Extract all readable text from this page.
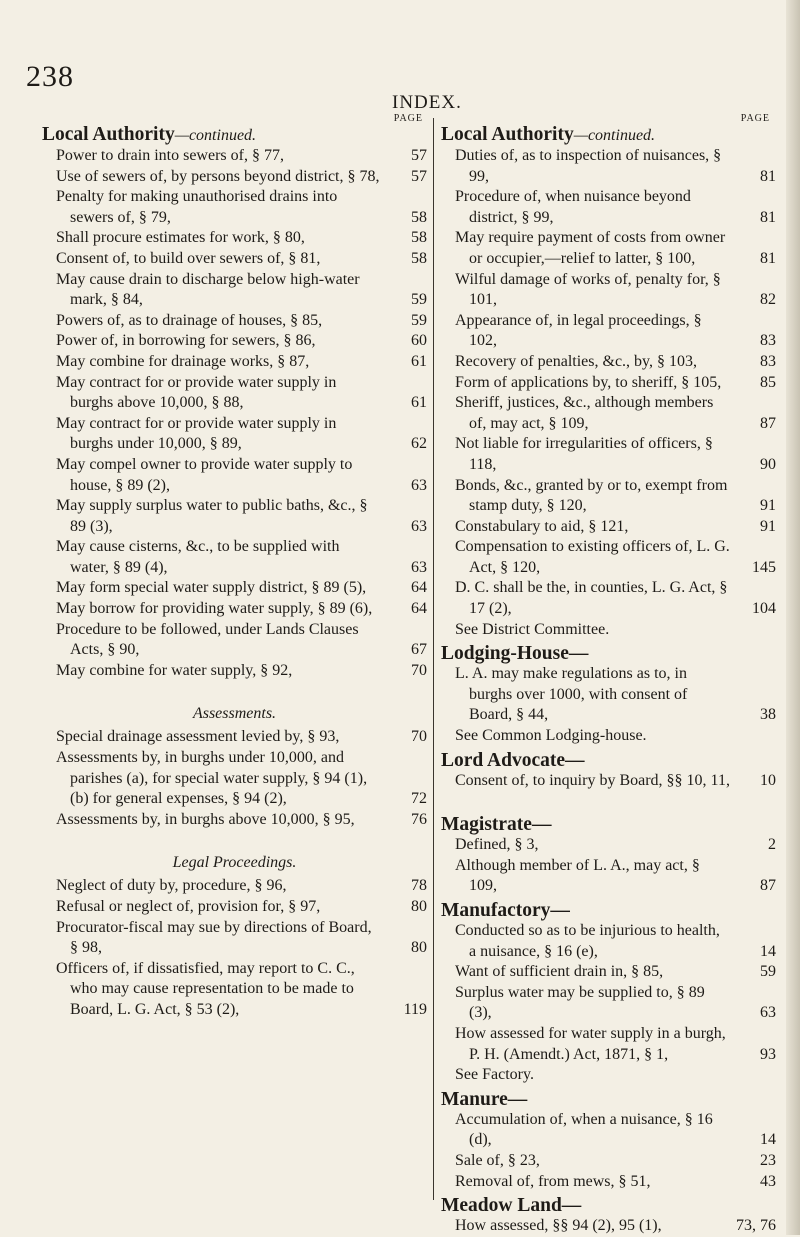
238
INDEX.
PAGE
Local Authority—continued.
Power to drain into sewers of, § 77,	57
Use of sewers of, by persons beyond district, § 78,	57
Penalty for making unauthorised drains into sewers of, § 79,	58
Shall procure estimates for work, § 80,	58
Consent of, to build over sewers of, § 81,	58
May cause drain to discharge below high-water mark, § 84,	59
Powers of, as to drainage of houses, § 85,	59
Power of, in borrowing for sewers, § 86,	60
May combine for drainage works, § 87,	61
May contract for or provide water supply in burghs above 10,000, § 88,	61
May contract for or provide water supply in burghs under 10,000, § 89,	62
May compel owner to provide water supply to house, § 89 (2),	63
May supply surplus water to public baths, &c., § 89 (3),	63
May cause cisterns, &c., to be supplied with water, § 89 (4),	63
May form special water supply district, § 89 (5),	64
May borrow for providing water supply, § 89 (6),	64
Procedure to be followed, under Lands Clauses Acts, § 90,	67
May combine for water supply, § 92,	70
Assessments.
Special drainage assessment levied by, § 93,	70
Assessments by, in burghs under 10,000, and parishes (a), for special water supply, § 94 (1), (b) for general expenses, § 94 (2),	72
Assessments by, in burghs above 10,000, § 95,	76
Legal Proceedings.
Neglect of duty by, procedure, § 96,	78
Refusal or neglect of, provision for, § 97,	80
Procurator-fiscal may sue by directions of Board, § 98,	80
Officers of, if dissatisfied, may report to C. C., who may cause representation to be made to Board, L. G. Act, § 53 (2),	119
PAGE
Local Authority—continued.
Duties of, as to inspection of nuisances, § 99,	81
Procedure of, when nuisance beyond district, § 99,	81
May require payment of costs from owner or occupier,—relief to latter, § 100,	81
Wilful damage of works of, penalty for, § 101,	82
Appearance of, in legal proceedings, § 102,	83
Recovery of penalties, &c., by, § 103,	83
Form of applications by, to sheriff, § 105,	85
Sheriff, justices, &c., although members of, may act, § 109,	87
Not liable for irregularities of officers, § 118,	90
Bonds, &c., granted by or to, exempt from stamp duty, § 120,	91
Constabulary to aid, § 121,	91
Compensation to existing officers of, L. G. Act, § 120,	145
D. C. shall be the, in counties, L. G. Act, § 17 (2),	104
See District Committee.
Lodging-House—
L. A. may make regulations as to, in burghs over 1000, with consent of Board, § 44,	38
See Common Lodging-house.
Lord Advocate—
Consent of, to inquiry by Board, §§ 10, 11,	10
Magistrate—
Defined, § 3,	2
Although member of L. A., may act, § 109,	87
Manufactory—
Conducted so as to be injurious to health, a nuisance, § 16 (e),	14
Want of sufficient drain in, § 85,	59
Surplus water may be supplied to, § 89 (3),	63
How assessed for water supply in a burgh, P. H. (Amendt.) Act, 1871, § 1,	93
See Factory.
Manure—
Accumulation of, when a nuisance, § 16 (d),	14
Sale of, § 23,	23
Removal of, from mews, § 51,	43
Meadow Land—
How assessed, §§ 94 (2), 95 (1),	73, 76
